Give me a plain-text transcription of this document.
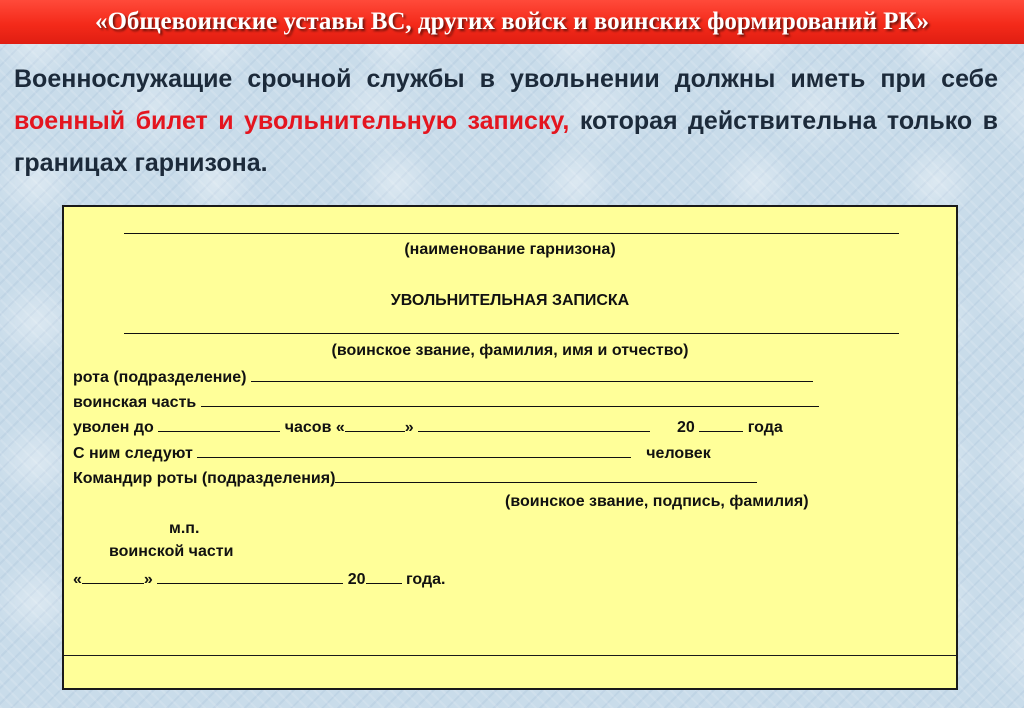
«Общевоинские уставы ВС, других войск и воинских формирований РК»
Военнослужащие срочной службы в увольнении должны иметь при себе военный билет и увольнительную записку, которая действительна только в границах гарнизона.
(наименование гарнизона)
УВОЛЬНИТЕЛЬНАЯ ЗАПИСКА
(воинское звание, фамилия, имя и отчество)
рота (подразделение)
воинская часть
уволен до	часов «	»	20	года
С ним следуют	человек
Командир роты (подразделения)
(воинское звание, подпись, фамилия)
м.п.
воинской части
«	»	20	года.
